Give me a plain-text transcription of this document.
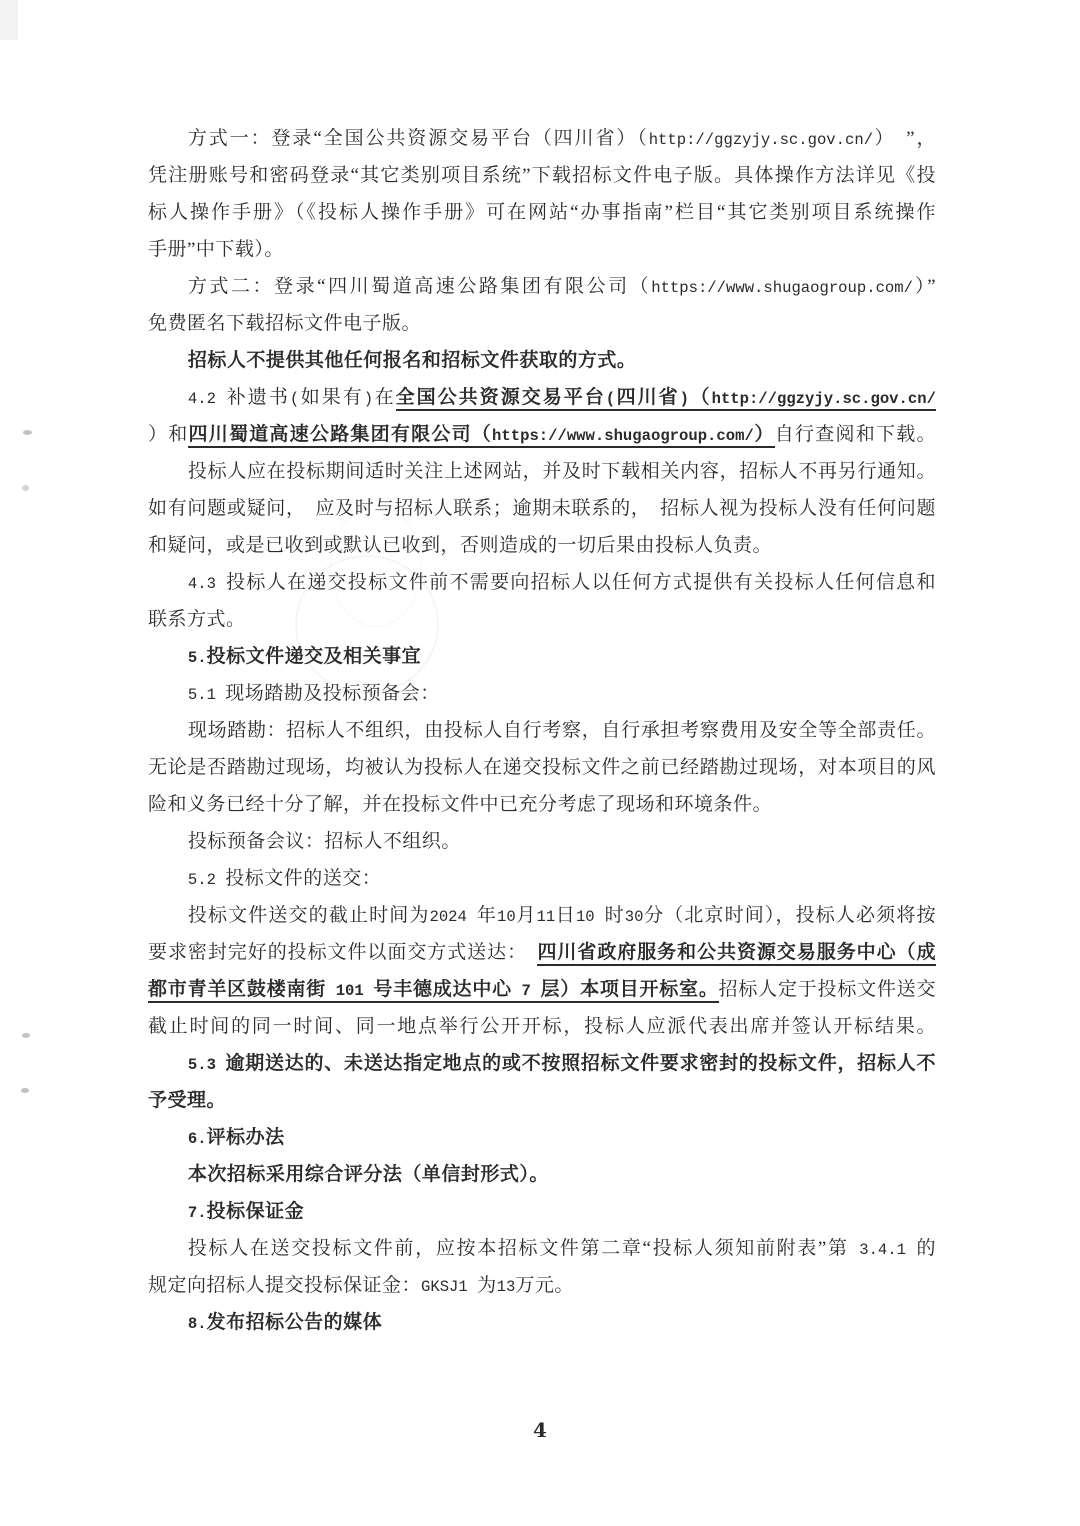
方式一：登录“全国公共资源交易平台（四川省）（http://ggzyjy.sc.gov.cn/） ”，
凭注册账号和密码登录“其它类别项目系统”下载招标文件电子版。具体操作方法详见《投
标人操作手册》（《投标人操作手册》可在网站“办事指南”栏目“其它类别项目系统操作
手册”中下载）。
方式二：登录“四川蜀道高速公路集团有限公司（https://www.shugaogroup.com/）”
免费匿名下载招标文件电子版。
招标人不提供其他任何报名和招标文件获取的方式。
4.2 补遗书(如果有)在全国公共资源交易平台(四川省)（http://ggzyjy.sc.gov.cn/
）和四川蜀道高速公路集团有限公司（https://www.shugaogroup.com/）自行查阅和下载。
投标人应在投标期间适时关注上述网站，并及时下载相关内容，招标人不再另行通知。
如有问题或疑问， 应及时与招标人联系；逾期未联系的， 招标人视为投标人没有任何问题
和疑问，或是已收到或默认已收到，否则造成的一切后果由投标人负责。
4.3 投标人在递交投标文件前不需要向招标人以任何方式提供有关投标人任何信息和
联系方式。
5.投标文件递交及相关事宜
5.1 现场踏勘及投标预备会：
现场踏勘：招标人不组织，由投标人自行考察，自行承担考察费用及安全等全部责任。
无论是否踏勘过现场，均被认为投标人在递交投标文件之前已经踏勘过现场，对本项目的风
险和义务已经十分了解，并在投标文件中已充分考虑了现场和环境条件。
投标预备会议：招标人不组织。
5.2 投标文件的送交：
投标文件送交的截止时间为2024 年10月11日10 时30分（北京时间），投标人必须将按
要求密封完好的投标文件以面交方式送达：　四川省政府服务和公共资源交易服务中心（成
都市青羊区鼓楼南街 101 号丰德成达中心 7 层）本项目开标室。招标人定于投标文件送交
截止时间的同一时间、同一地点举行公开开标，投标人应派代表出席并签认开标结果。
5.3 逾期送达的、未送达指定地点的或不按照招标文件要求密封的投标文件，招标人不
予受理。
6.评标办法
本次招标采用综合评分法（单信封形式）。
7.投标保证金
投标人在送交投标文件前，应按本招标文件第二章“投标人须知前附表”第 3.4.1 的
规定向招标人提交投标保证金：GKSJ1 为13万元。
8.发布招标公告的媒体
4
